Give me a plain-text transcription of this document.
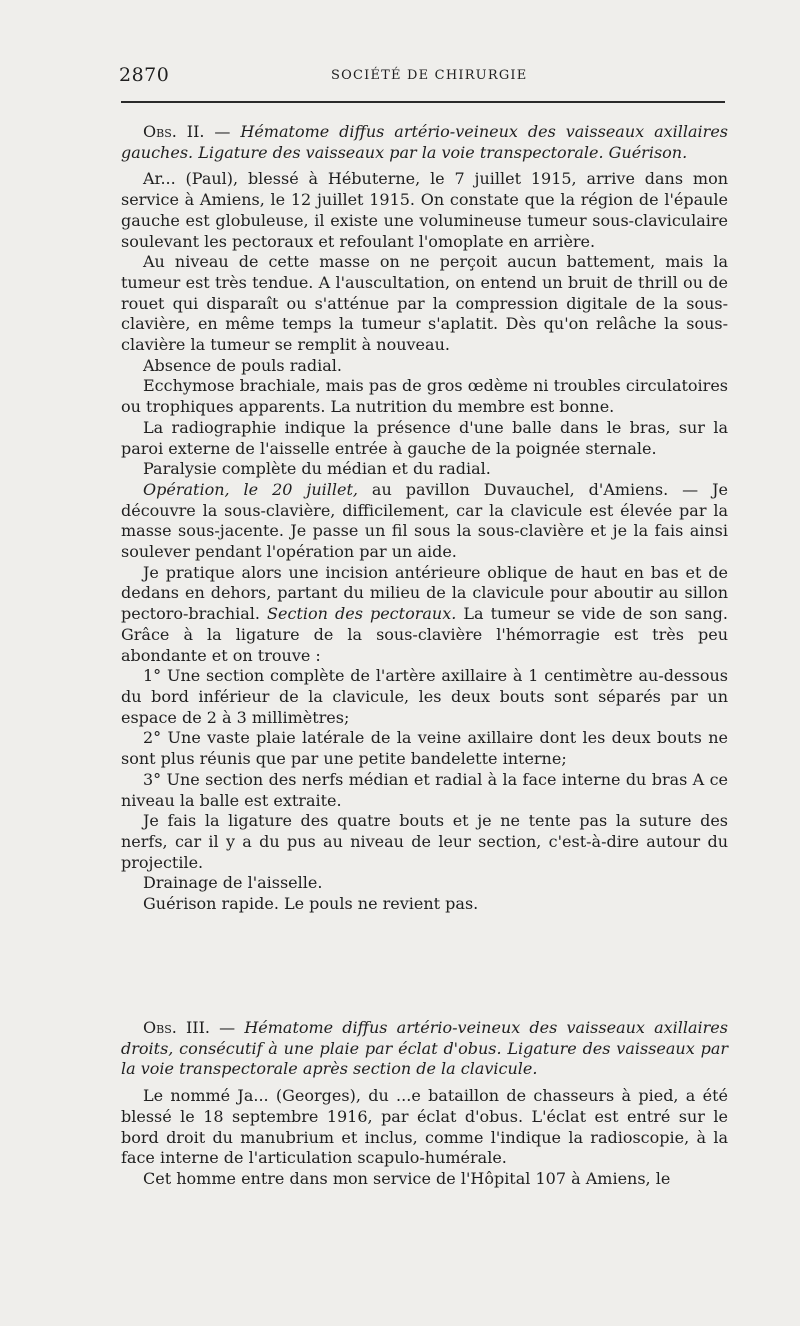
2870	SOCIÉTÉ DE CHIRURGIE

Obs. II. — Hématome diffus artério-veineux des vaisseaux axillaires gauches. Ligature des vaisseaux par la voie transpectorale. Guérison.

Ar... (Paul), blessé à Hébuterne, le 7 juillet 1915, arrive dans mon service à Amiens, le 12 juillet 1915. On constate que la région de l'épaule gauche est globuleuse, il existe une volumineuse tumeur sous-claviculaire soulevant les pectoraux et refoulant l'omoplate en arrière.

Au niveau de cette masse on ne perçoit aucun battement, mais la tumeur est très tendue. A l'auscultation, on entend un bruit de thrill ou de rouet qui disparaît ou s'atténue par la compression digitale de la sous-clavière, en même temps la tumeur s'aplatit. Dès qu'on relâche la sous-clavière la tumeur se remplit à nouveau.

Absence de pouls radial.

Ecchymose brachiale, mais pas de gros œdème ni troubles circulatoires ou trophiques apparents. La nutrition du membre est bonne.

La radiographie indique la présence d'une balle dans le bras, sur la paroi externe de l'aisselle entrée à gauche de la poignée sternale.

Paralysie complète du médian et du radial.

Opération, le 20 juillet, au pavillon Duvauchel, d'Amiens. — Je découvre la sous-clavière, difficilement, car la clavicule est élevée par la masse sous-jacente. Je passe un fil sous la sous-clavière et je la fais ainsi soulever pendant l'opération par un aide.

Je pratique alors une incision antérieure oblique de haut en bas et de dedans en dehors, partant du milieu de la clavicule pour aboutir au sillon pectoro-brachial. Section des pectoraux. La tumeur se vide de son sang. Grâce à la ligature de la sous-clavière l'hémorragie est très peu abondante et on trouve :

1° Une section complète de l'artère axillaire à 1 centimètre au-dessous du bord inférieur de la clavicule, les deux bouts sont séparés par un espace de 2 à 3 millimètres;

2° Une vaste plaie latérale de la veine axillaire dont les deux bouts ne sont plus réunis que par une petite bandelette interne;

3° Une section des nerfs médian et radial à la face interne du bras A ce niveau la balle est extraite.

Je fais la ligature des quatre bouts et je ne tente pas la suture des nerfs, car il y a du pus au niveau de leur section, c'est-à-dire autour du projectile.

Drainage de l'aisselle.

Guérison rapide. Le pouls ne revient pas.

Obs. III. — Hématome diffus artério-veineux des vaisseaux axillaires droits, consécutif à une plaie par éclat d'obus. Ligature des vaisseaux par la voie transpectorale après section de la clavicule.

Le nommé Ja... (Georges), du ...e bataillon de chasseurs à pied, a été blessé le 18 septembre 1916, par éclat d'obus. L'éclat est entré sur le bord droit du manubrium et inclus, comme l'indique la radioscopie, à la face interne de l'articulation scapulo-humérale.

Cet homme entre dans mon service de l'Hôpital 107 à Amiens, le
